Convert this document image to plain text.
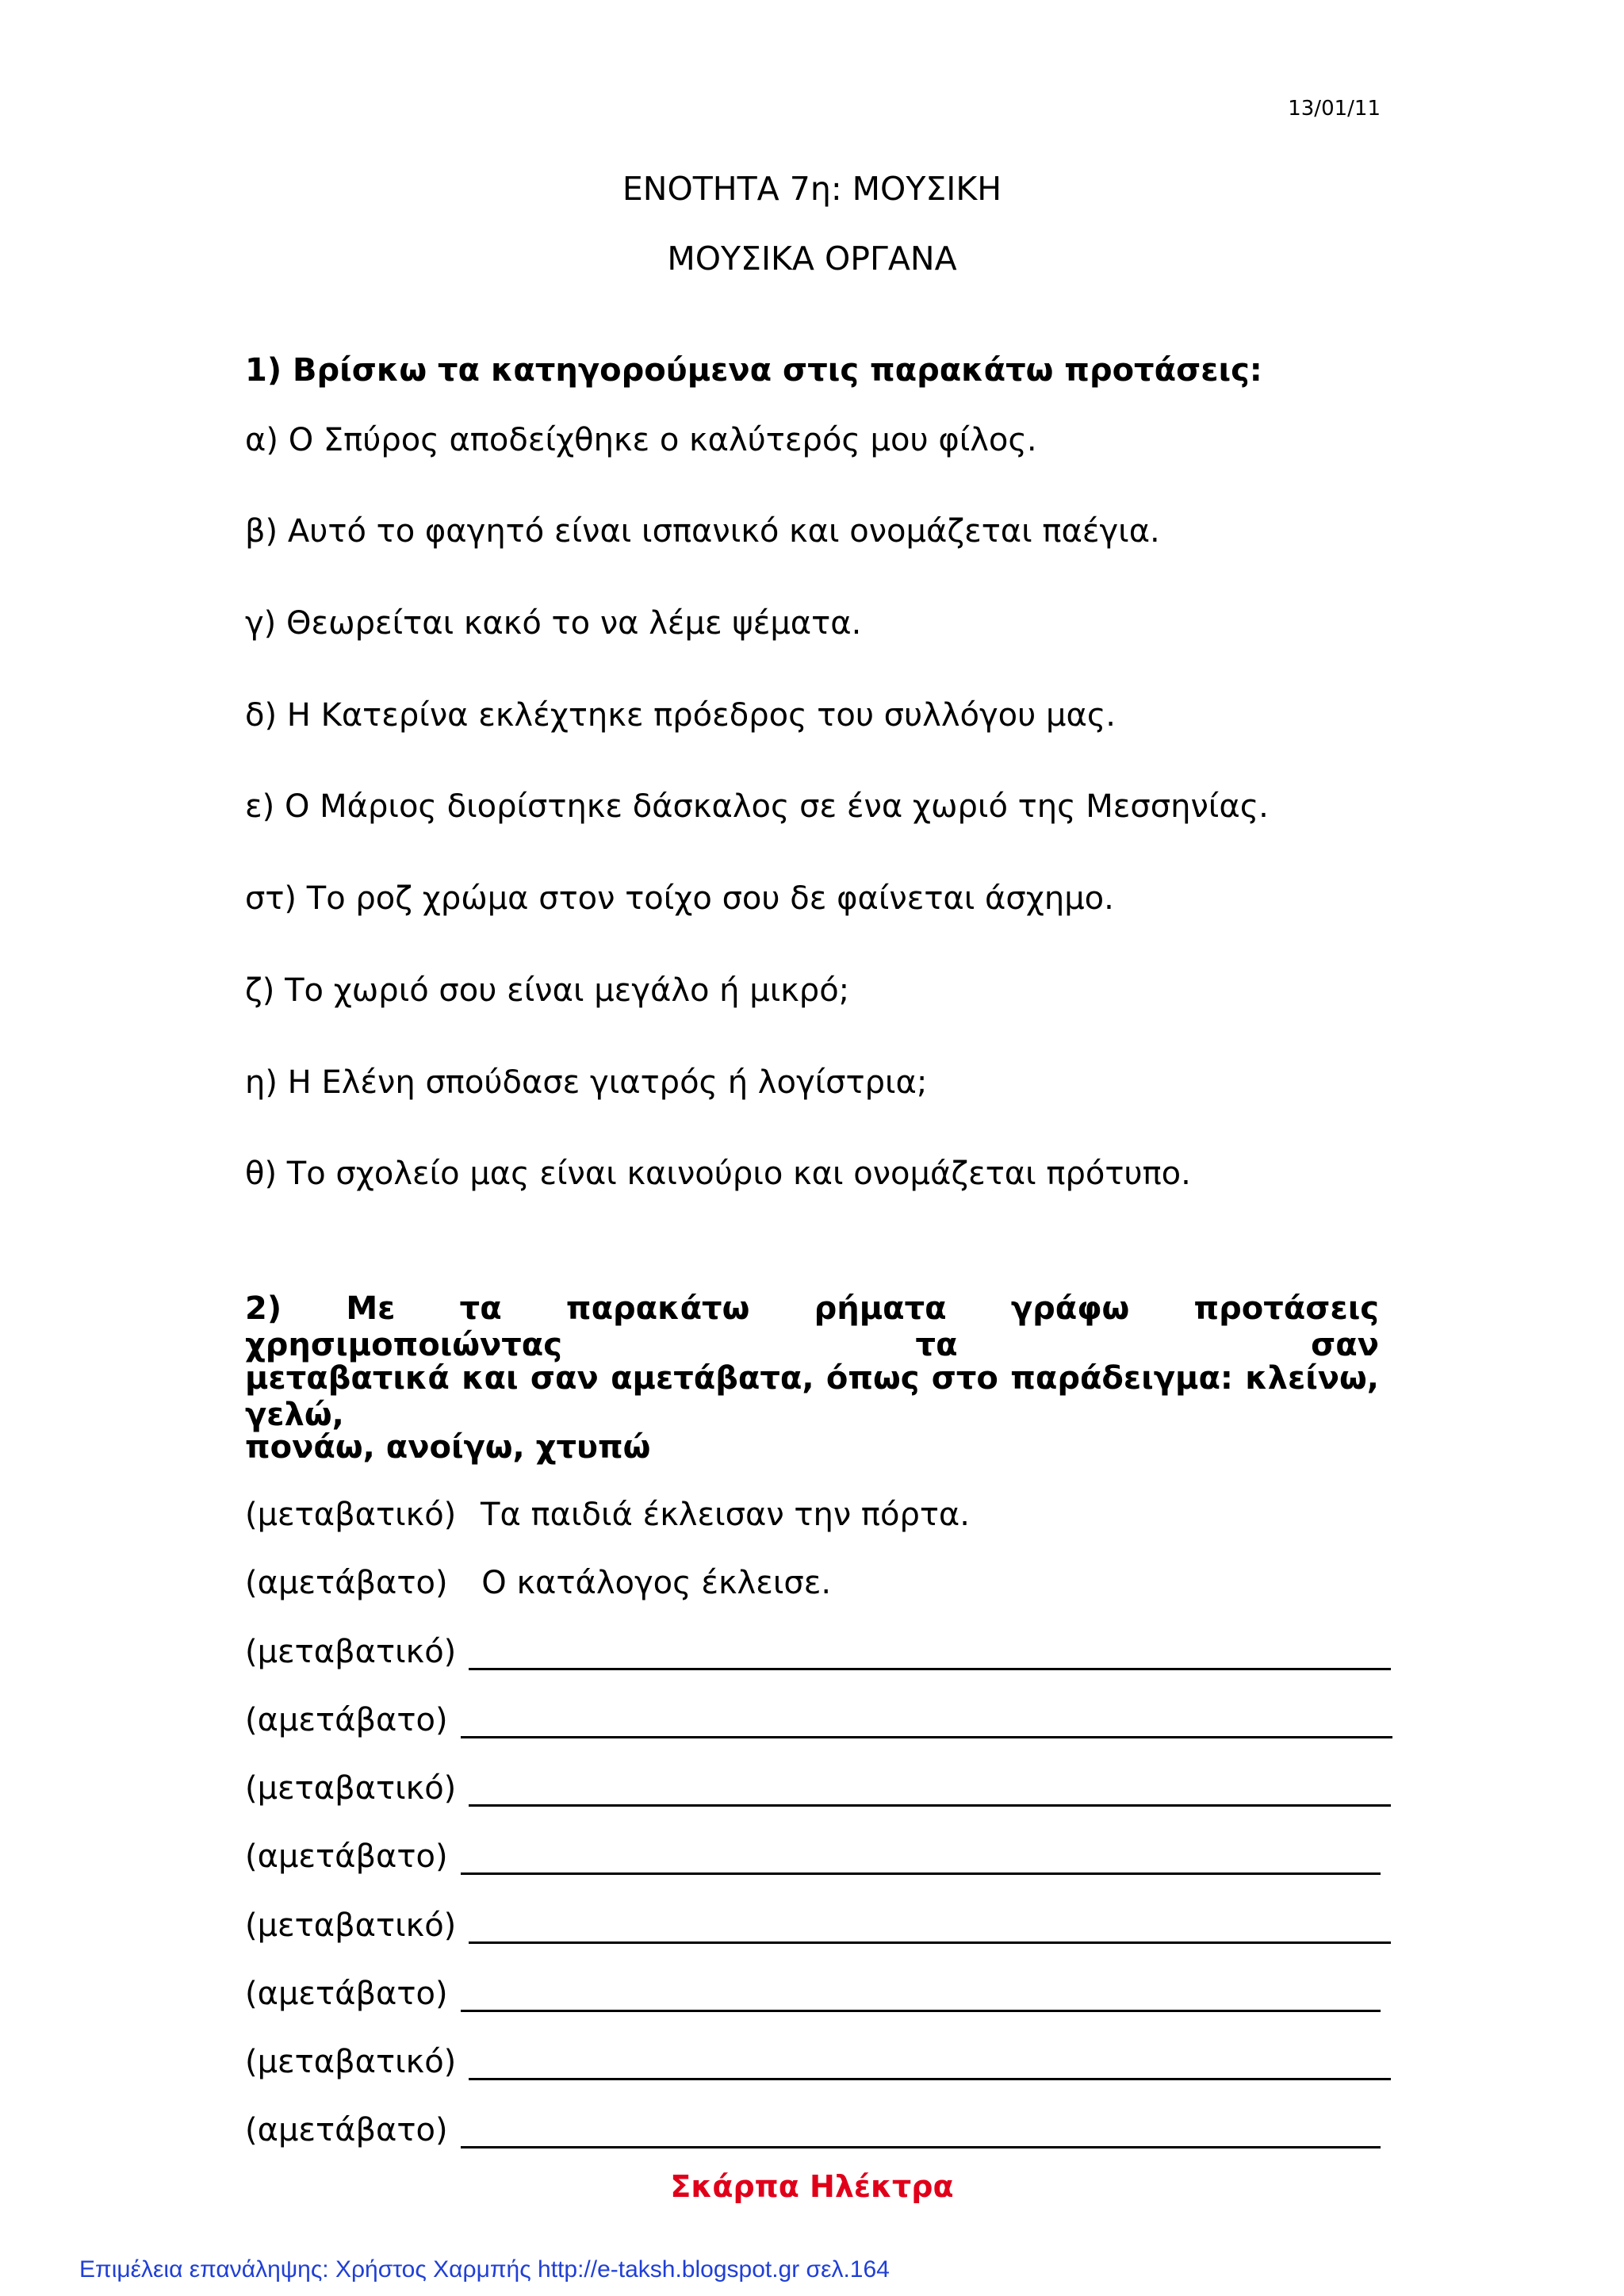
13/01/11
ΕΝΟΤΗΤΑ 7η: ΜΟΥΣΙΚΗ
ΜΟΥΣΙΚΑ ΟΡΓΑΝΑ
1) Βρίσκω τα κατηγορούμενα στις παρακάτω προτάσεις:
α) Ο Σπύρος αποδείχθηκε ο καλύτερός μου φίλος.
β) Αυτό το φαγητό είναι ισπανικό και ονομάζεται παέγια.
γ) Θεωρείται κακό το να λέμε ψέματα.
δ) Η Κατερίνα εκλέχτηκε πρόεδρος του συλλόγου μας.
ε) Ο Μάριος διορίστηκε δάσκαλος σε ένα χωριό της Μεσσηνίας.
στ) Το ροζ χρώμα στον τοίχο σου δε φαίνεται άσχημο.
ζ) Το χωριό σου είναι μεγάλο ή μικρό;
η) Η Ελένη σπούδασε γιατρός ή λογίστρια;
θ) Το σχολείο μας είναι καινούριο και ονομάζεται πρότυπο.
2) Με τα παρακάτω ρήματα γράφω προτάσεις χρησιμοποιώντας τα σαν
μεταβατικά και σαν αμετάβατα, όπως στο παράδειγμα: κλείνω, γελώ,
πονάω, ανοίγω, χτυπώ
(μεταβατικό) Τα παιδιά έκλεισαν την πόρτα.
(αμετάβατο) Ο κατάλογος έκλεισε.
(μεταβατικό)
(αμετάβατο)
(μεταβατικό)
(αμετάβατο)
(μεταβατικό)
(αμετάβατο)
(μεταβατικό)
(αμετάβατο)
Σκάρπα Ηλέκτρα
Επιμέλεια επανάληψης: Χρήστος Χαρμπής http://e-taksh.blogspot.gr σελ.164
